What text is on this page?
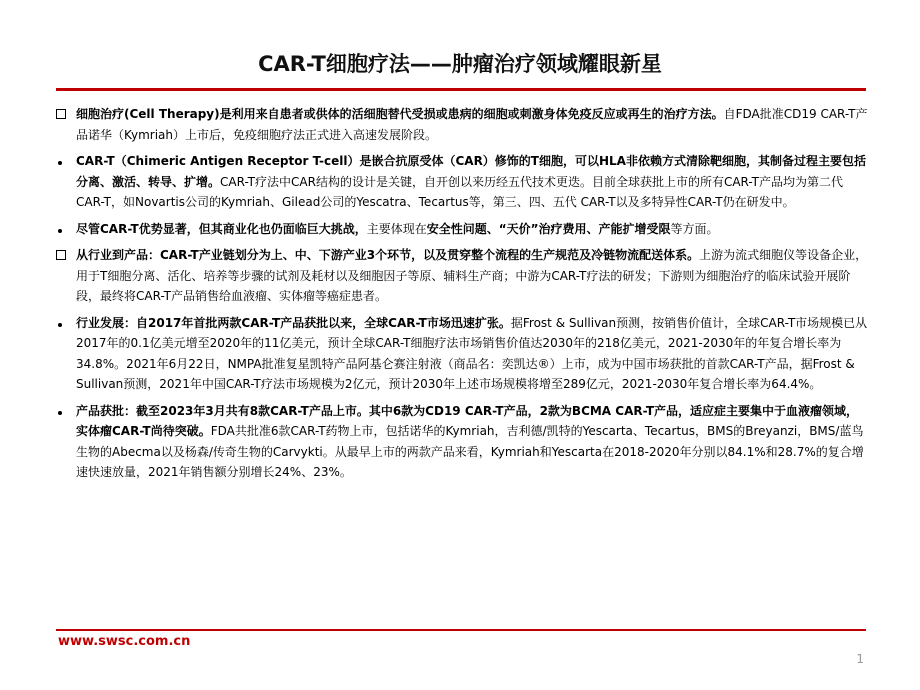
CAR-T细胞疗法——肿瘤治疗领域耀眼新星
细胞治疗(Cell Therapy)是利用来自患者或供体的活细胞替代受损或患病的细胞或刺激身体免疫反应或再生的治疗方法。自FDA批准CD19 CAR-T产品诺华（Kymriah）上市后，免疫细胞疗法正式进入高速发展阶段。
CAR-T（Chimeric Antigen Receptor T-cell）是嵌合抗原受体（CAR）修饰的T细胞，可以HLA非依赖方式清除靶细胞，其制备过程主要包括分离、激活、转导、扩增。CAR-T疗法中CAR结构的设计是关键，自开创以来历经五代技术更迭。目前全球获批上市的所有CAR-T产品均为第二代CAR-T，如Novartis公司的Kymriah、Gilead公司的Yescatra、Tecartus等，第三、四、五代 CAR-T以及多特异性CAR-T仍在研发中。
尽管CAR-T优势显著，但其商业化也仍面临巨大挑战，主要体现在安全性问题、“天价”治疗费用、产能扩增受限等方面。
从行业到产品：CAR-T产业链划分为上、中、下游产业3个环节，以及贯穿整个流程的生产规范及冷链物流配送体系。上游为流式细胞仪等设备企业，用于T细胞分离、活化、培养等步骤的试剂及耗材以及细胞因子等原、辅料生产商；中游为CAR-T疗法的研发；下游则为细胞治疗的临床试验开展阶段，最终将CAR-T产品销售给血液瘤、实体瘤等癌症患者。
行业发展：自2017年首批两款CAR-T产品获批以来，全球CAR-T市场迅速扩张。据Frost & Sullivan预测，按销售价值计，全球CAR-T市场规模已从2017年的0.1亿美元增至2020年的11亿美元，预计全球CAR-T细胞疗法市场销售价值达2030年的218亿美元，2021-2030年的年复合增长率为34.8%。2021年6月22日，NMPA批准复星凯特产品阿基仑赛注射液（商品名：奕凯达®）上市，成为中国市场获批的首款CAR-T产品，据Frost & Sullivan预测，2021年中国CAR-T疗法市场规模为2亿元，预计2030年上述市场规模将增至289亿元，2021-2030年复合增长率为64.4%。
产品获批：截至2023年3月共有8款CAR-T产品上市。其中6款为CD19 CAR-T产品，2款为BCMA CAR-T产品，适应症主要集中于血液瘤领域，实体瘤CAR-T尚待突破。FDA共批准6款CAR-T药物上市，包括诺华的Kymriah，吉利德/凯特的Yescarta、Tecartus，BMS的Breyanzi，BMS/蓝鸟生物的Abecma以及杨森/传奇生物的Carvykti。从最早上市的两款产品来看，Kymriah和Yescarta在2018-2020年分别以84.1%和28.7%的复合增速快速放量，2021年销售额分别增长24%、23%。
www.swsc.com.cn
1
